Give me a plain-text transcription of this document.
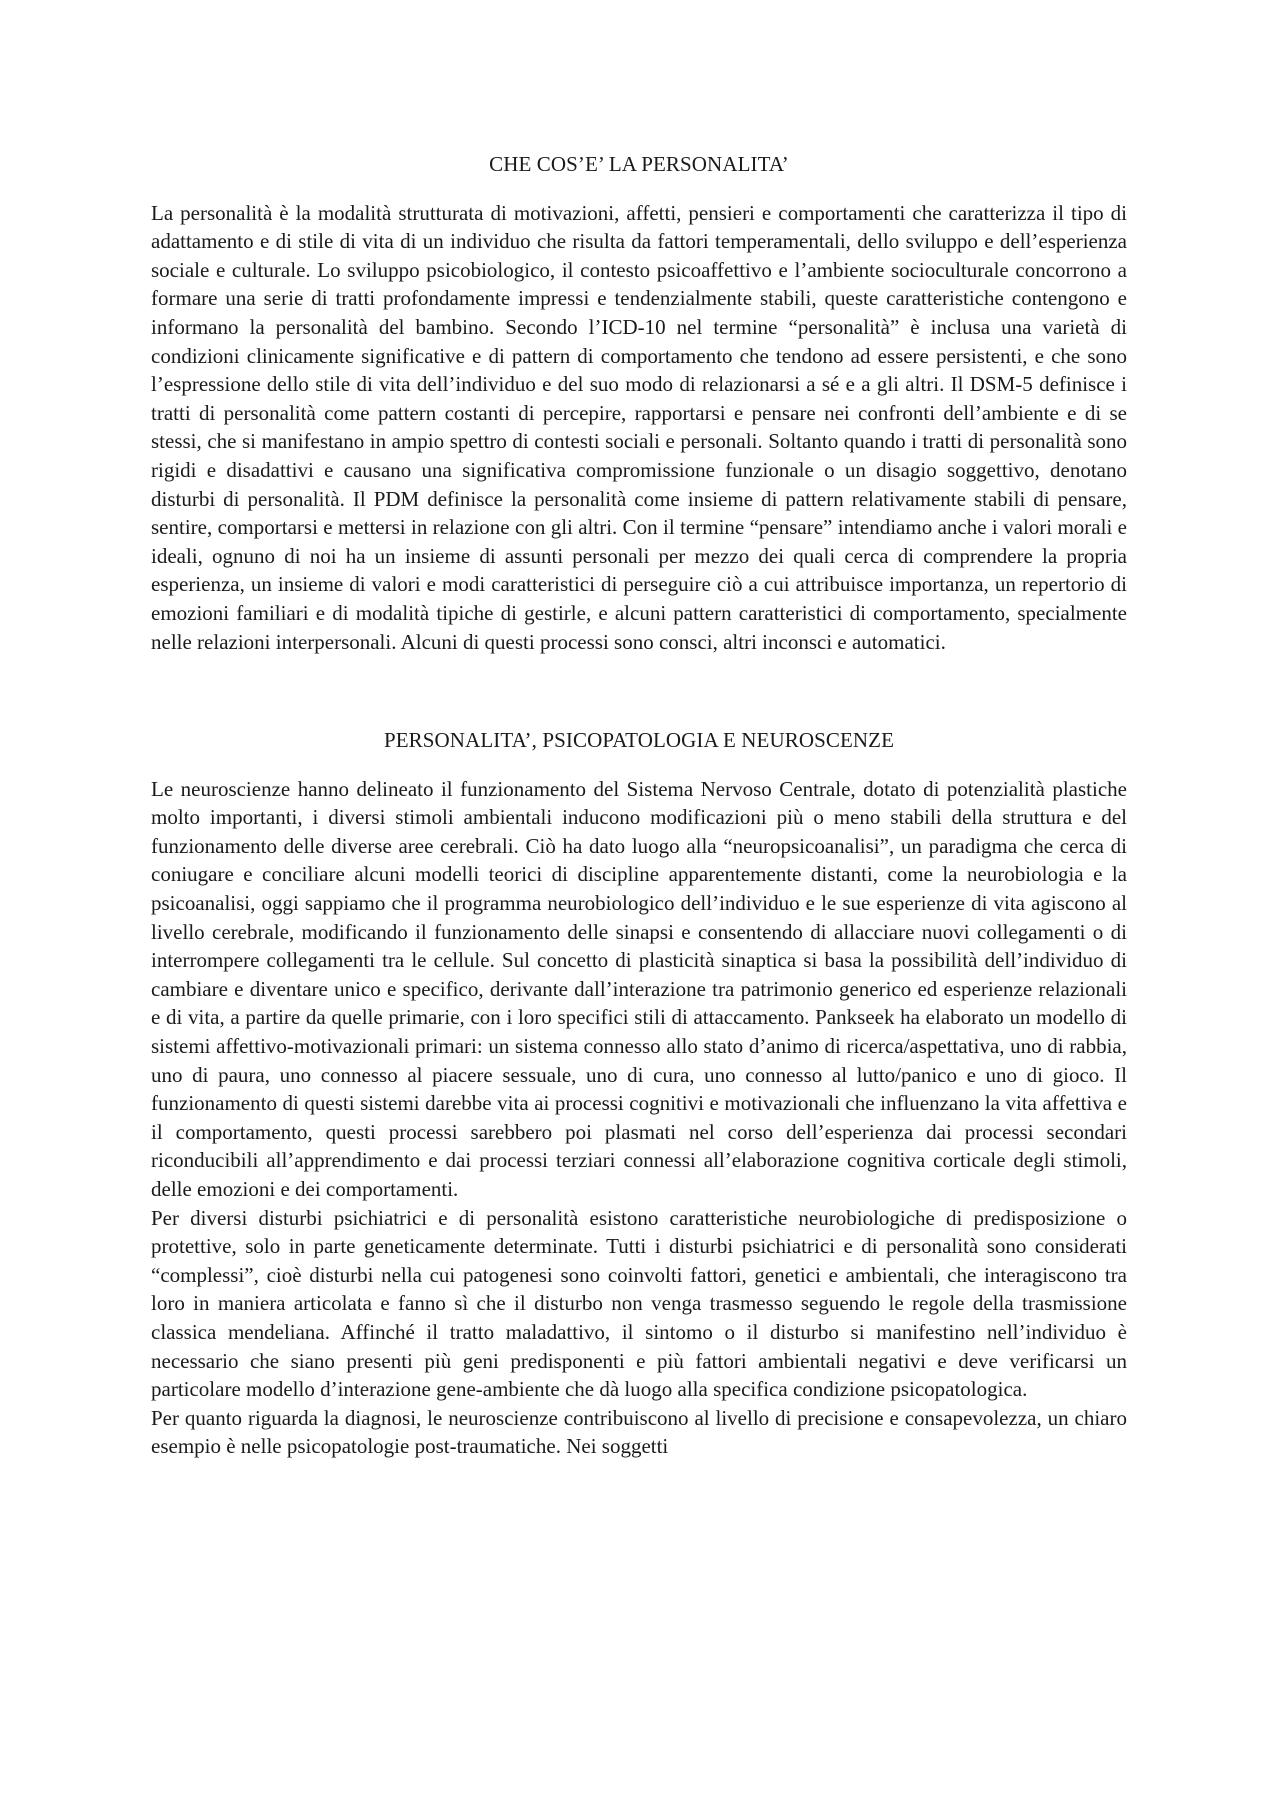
CHE COS’E’ LA PERSONALITA’

La personalità è la modalità strutturata di motivazioni, affetti, pensieri e comportamenti che caratterizza il tipo di adattamento e di stile di vita di un individuo che risulta da fattori temperamentali, dello sviluppo e dell’esperienza sociale e culturale. Lo sviluppo psicobiologico, il contesto psicoaffettivo e l’ambiente socioculturale concorrono a formare una serie di tratti profondamente impressi e tendenzialmente stabili, queste caratteristiche contengono e informano la personalità del bambino. Secondo l’ICD-10 nel termine “personalità” è inclusa una varietà di condizioni clinicamente significative e di pattern di comportamento che tendono ad essere persistenti, e che sono l’espressione dello stile di vita dell’individuo e del suo modo di relazionarsi a sé e a gli altri. Il DSM-5 definisce i tratti di personalità come pattern costanti di percepire, rapportarsi e pensare nei confronti dell’ambiente e di se stessi, che si manifestano in ampio spettro di contesti sociali e personali. Soltanto quando i tratti di personalità sono rigidi e disadattivi e causano una significativa compromissione funzionale o un disagio soggettivo, denotano disturbi di personalità. Il PDM definisce la personalità come insieme di pattern relativamente stabili di pensare, sentire, comportarsi e mettersi in relazione con gli altri. Con il termine “pensare” intendiamo anche i valori morali e ideali, ognuno di noi ha un insieme di assunti personali per mezzo dei quali cerca di comprendere la propria esperienza, un insieme di valori e modi caratteristici di perseguire ciò a cui attribuisce importanza, un repertorio di emozioni familiari e di modalità tipiche di gestirle, e alcuni pattern caratteristici di comportamento, specialmente nelle relazioni interpersonali. Alcuni di questi processi sono consci, altri inconsci e automatici.

PERSONALITA’, PSICOPATOLOGIA E NEUROSCENZE

Le neuroscienze hanno delineato il funzionamento del Sistema Nervoso Centrale, dotato di potenzialità plastiche molto importanti, i diversi stimoli ambientali inducono modificazioni più o meno stabili della struttura e del funzionamento delle diverse aree cerebrali. Ciò ha dato luogo alla “neuropsicoanalisi”, un paradigma che cerca di coniugare e conciliare alcuni modelli teorici di discipline apparentemente distanti, come la neurobiologia e la psicoanalisi, oggi sappiamo che il programma neurobiologico dell’individuo e le sue esperienze di vita agiscono al livello cerebrale, modificando il funzionamento delle sinapsi e consentendo di allacciare nuovi collegamenti o di interrompere collegamenti tra le cellule. Sul concetto di plasticità sinaptica si basa la possibilità dell’individuo di cambiare e diventare unico e specifico, derivante dall’interazione tra patrimonio generico ed esperienze relazionali e di vita, a partire da quelle primarie, con i loro specifici stili di attaccamento. Pankseek ha elaborato un modello di sistemi affettivo-motivazionali primari: un sistema connesso allo stato d’animo di ricerca/aspettativa, uno di rabbia, uno di paura, uno connesso al piacere sessuale, uno di cura, uno connesso al lutto/panico e uno di gioco. Il funzionamento di questi sistemi darebbe vita ai processi cognitivi e motivazionali che influenzano la vita affettiva e il comportamento, questi processi sarebbero poi plasmati nel corso dell’esperienza dai processi secondari riconducibili all’apprendimento e dai processi terziari connessi all’elaborazione cognitiva corticale degli stimoli, delle emozioni e dei comportamenti.

Per diversi disturbi psichiatrici e di personalità esistono caratteristiche neurobiologiche di predisposizione o protettive, solo in parte geneticamente determinate. Tutti i disturbi psichiatrici e di personalità sono considerati “complessi”, cioè disturbi nella cui patogenesi sono coinvolti fattori, genetici e ambientali, che interagiscono tra loro in maniera articolata e fanno sì che il disturbo non venga trasmesso seguendo le regole della trasmissione classica mendeliana. Affinché il tratto maladattivo, il sintomo o il disturbo si manifestino nell’individuo è necessario che siano presenti più geni predisponenti e più fattori ambientali negativi e deve verificarsi un particolare modello d’interazione gene-ambiente che dà luogo alla specifica condizione psicopatologica.

Per quanto riguarda la diagnosi, le neuroscienze contribuiscono al livello di precisione e consapevolezza, un chiaro esempio è nelle psicopatologie post-traumatiche. Nei soggetti
